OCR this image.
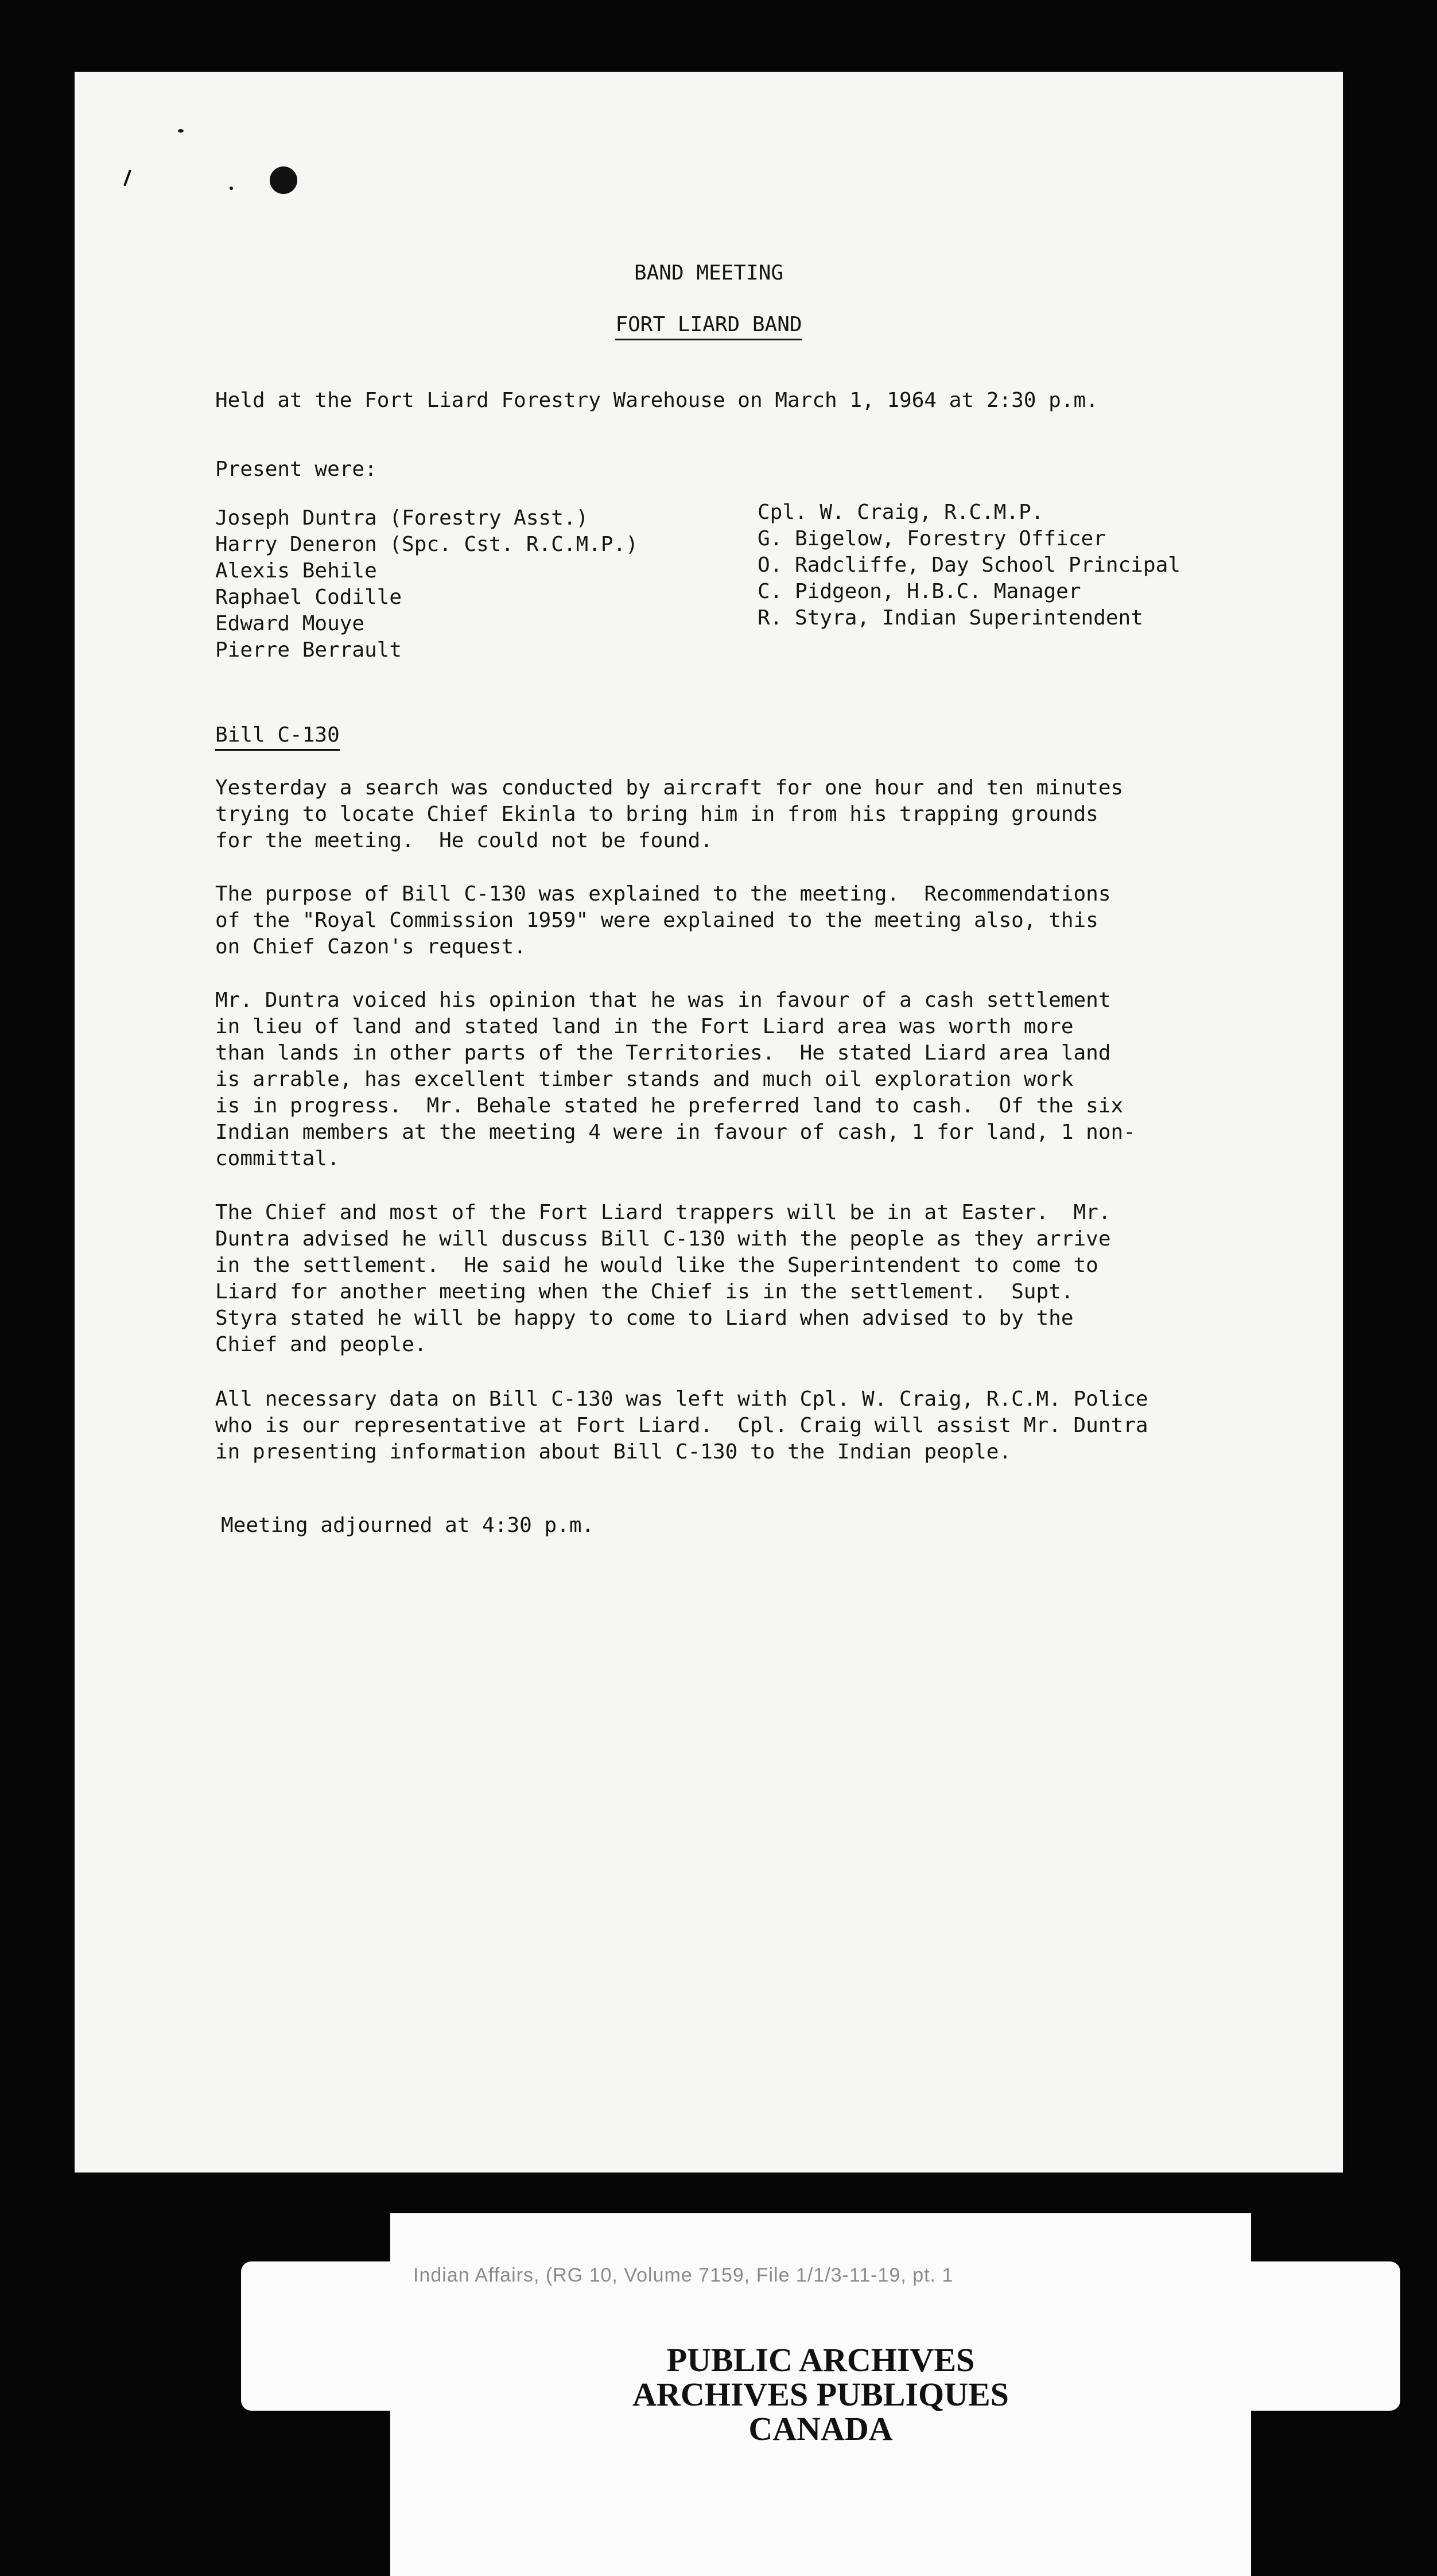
BAND MEETING
FORT LIARD BAND
Held at the Fort Liard Forestry Warehouse on March 1, 1964 at 2:30 p.m.
Present were:
Joseph Duntra (Forestry Asst.)
Harry Deneron (Spc. Cst. R.C.M.P.)
Alexis Behile
Raphael Codille
Edward Mouye
Pierre Berrault
Cpl. W. Craig, R.C.M.P.
G. Bigelow, Forestry Officer
O. Radcliffe, Day School Principal
C. Pidgeon, H.B.C. Manager
R. Styra, Indian Superintendent
Bill C-130
Yesterday a search was conducted by aircraft for one hour and ten minutes
trying to locate Chief Ekinla to bring him in from his trapping grounds
for the meeting.  He could not be found.
The purpose of Bill C-130 was explained to the meeting.  Recommendations
of the "Royal Commission 1959" were explained to the meeting also, this
on Chief Cazon's request.
Mr. Duntra voiced his opinion that he was in favour of a cash settlement
in lieu of land and stated land in the Fort Liard area was worth more
than lands in other parts of the Territories.  He stated Liard area land
is arrable, has excellent timber stands and much oil exploration work
is in progress.  Mr. Behale stated he preferred land to cash.  Of the six
Indian members at the meeting 4 were in favour of cash, 1 for land, 1 non-
committal.
The Chief and most of the Fort Liard trappers will be in at Easter.  Mr.
Duntra advised he will duscuss Bill C-130 with the people as they arrive
in the settlement.  He said he would like the Superintendent to come to
Liard for another meeting when the Chief is in the settlement.  Supt.
Styra stated he will be happy to come to Liard when advised to by the
Chief and people.
All necessary data on Bill C-130 was left with Cpl. W. Craig, R.C.M. Police
who is our representative at Fort Liard.  Cpl. Craig will assist Mr. Duntra
in presenting information about Bill C-130 to the Indian people.
Meeting adjourned at 4:30 p.m.
Indian Affairs, (RG 10, Volume 7159, File 1/1/3-11-19, pt. 1
PUBLIC ARCHIVES
ARCHIVES PUBLIQUES
CANADA
